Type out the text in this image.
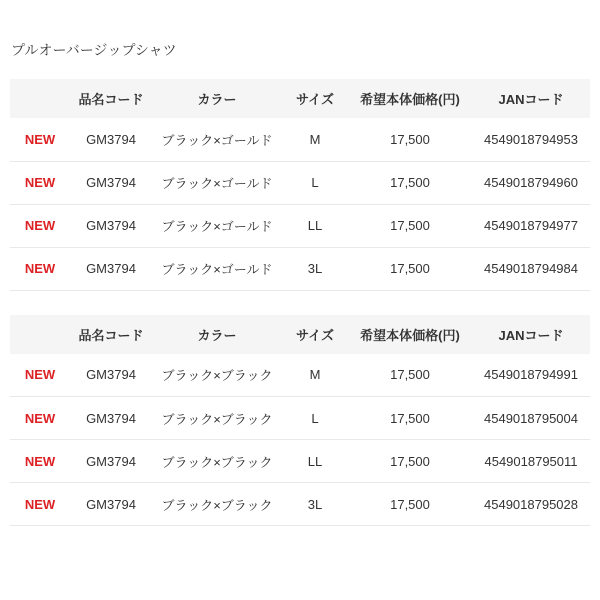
プルオーバージップシャツ
	品名コード	カラー	サイズ	希望本体価格(円)	JANコード
NEW	GM3794	ブラック×ゴールド	M	17,500	4549018794953
NEW	GM3794	ブラック×ゴールド	L	17,500	4549018794960
NEW	GM3794	ブラック×ゴールド	LL	17,500	4549018794977
NEW	GM3794	ブラック×ゴールド	3L	17,500	4549018794984
	品名コード	カラー	サイズ	希望本体価格(円)	JANコード
NEW	GM3794	ブラック×ブラック	M	17,500	4549018794991
NEW	GM3794	ブラック×ブラック	L	17,500	4549018795004
NEW	GM3794	ブラック×ブラック	LL	17,500	4549018795011
NEW	GM3794	ブラック×ブラック	3L	17,500	4549018795028
